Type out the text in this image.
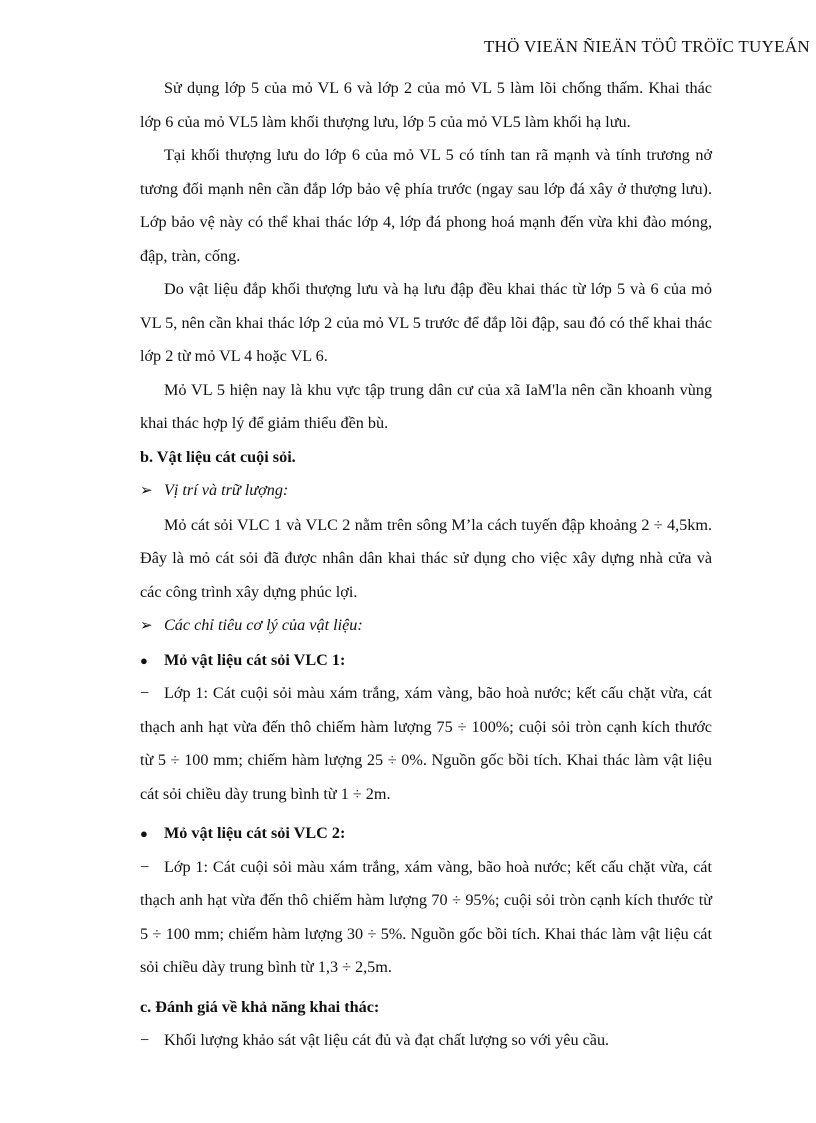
THÖ VIEÄN ÑIEÄN TÖÛ TRÖÏC TUYEÁN

Sử dụng lớp 5 của mỏ VL 6 và lớp 2 của mỏ VL 5 làm lõi chống thấm. Khai thác lớp 6 của mỏ VL5 làm khối thượng lưu, lớp 5 của mỏ VL5 làm khối hạ lưu.

Tại khối thượng lưu do lớp 6 của mỏ VL 5 có tính tan rã mạnh và tính trương nở tương đối mạnh nên cần đắp lớp bảo vệ phía trước (ngay sau lớp đá xây ở thượng lưu). Lớp bảo vệ này có thể khai thác lớp 4, lớp đá phong hoá mạnh đến vừa khi đào móng, đập, tràn, cống.

Do vật liệu đắp khối thượng lưu và hạ lưu đập đều khai thác từ lớp 5 và 6 của mỏ VL 5, nên cần khai thác lớp 2 của mỏ VL 5 trước để đắp lõi đập, sau đó có thể khai thác lớp 2 từ mỏ VL 4 hoặc VL 6.

Mỏ VL 5 hiện nay là khu vực tập trung dân cư của xã IaM'la nên cần khoanh vùng khai thác hợp lý để giảm thiểu đền bù.

b. Vật liệu cát cuội sỏi.

➢ Vị trí và trữ lượng:

Mỏ cát sỏi VLC 1 và VLC 2 nằm trên sông M’la cách tuyến đập khoảng 2 ÷ 4,5km. Đây là mỏ cát sỏi đã được nhân dân khai thác sử dụng cho việc xây dựng nhà cửa và các công trình xây dựng phúc lợi.

➢ Các chỉ tiêu cơ lý của vật liệu:
● Mỏ vật liệu cát sỏi VLC 1:

− Lớp 1: Cát cuội sỏi màu xám trắng, xám vàng, bão hoà nước; kết cấu chặt vừa, cát thạch anh hạt vừa đến thô chiếm hàm lượng 75 ÷ 100%; cuội sỏi tròn cạnh kích thước từ 5 ÷ 100 mm; chiếm hàm lượng 25 ÷ 0%. Nguồn gốc bồi tích. Khai thác làm vật liệu cát sỏi chiều dày trung bình từ 1 ÷ 2m.

● Mỏ vật liệu cát sỏi VLC 2:

− Lớp 1: Cát cuội sỏi màu xám trắng, xám vàng, bão hoà nước; kết cấu chặt vừa, cát thạch anh hạt vừa đến thô chiếm hàm lượng 70 ÷ 95%; cuội sỏi tròn cạnh kích thước từ 5 ÷ 100 mm; chiếm hàm lượng 30 ÷ 5%. Nguồn gốc bồi tích. Khai thác làm vật liệu cát sỏi chiều dày trung bình từ 1,3 ÷ 2,5m.

c. Đánh giá về khả năng khai thác:

− Khối lượng khảo sát vật liệu cát đủ và đạt chất lượng so với yêu cầu.
